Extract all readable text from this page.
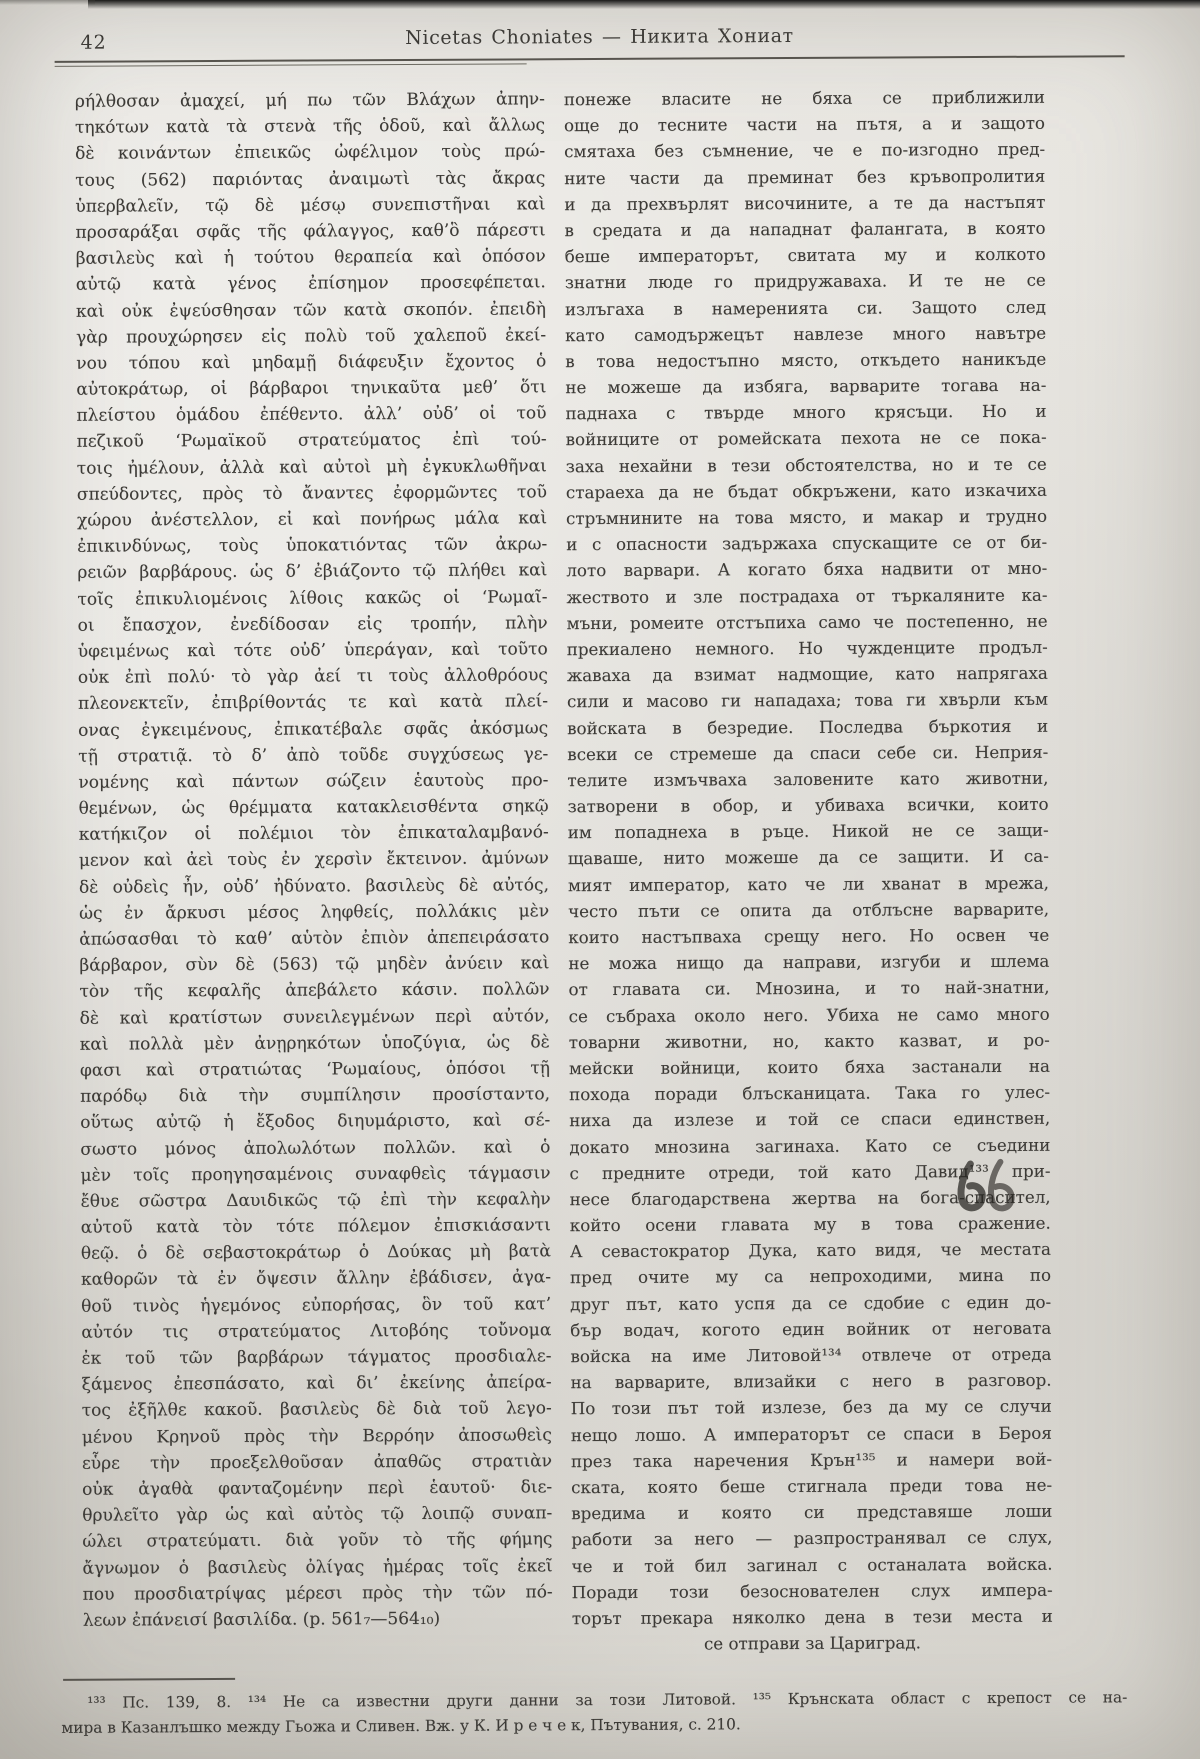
42	Nicetas Choniates — Никита Хониат
ρήλθοσαν ἀμαχεί, μή πω τῶν Βλάχων ἀπην-
τηκότων κατὰ τὰ στενὰ τῆς ὁδοῦ, καὶ ἄλλως
δὲ κοινάντων ἐπιεικῶς ὠφέλιμον τοὺς πρώ-
τους (562) παριόντας ἀναιμωτὶ τὰς ἄκρας
ὑπερβαλεῖν, τῷ δὲ μέσῳ συνεπιστῆναι καὶ
προσαράξαι σφᾶς τῆς φάλαγγος, καθ’ὃ πάρεστι
βασιλεὺς καὶ ἡ τούτου θεραπεία καὶ ὁπόσον
αὐτῷ κατὰ γένος ἐπίσημον προσεφέπεται.
καὶ οὐκ ἐψεύσθησαν τῶν κατὰ σκοπόν. ἐπειδὴ
γὰρ προυχώρησεν εἰς πολὺ τοῦ χαλεποῦ ἐκεί-
νου τόπου καὶ μηδαμῇ διάφευξιν ἔχοντος ὁ
αὐτοκράτωρ, οἱ βάρβαροι τηνικαῦτα μεθ’ ὅτι
πλείστου ὁμάδου ἐπέθεντο. ἀλλ’ οὐδ’ οἱ τοῦ
πεζικοῦ ‘Ρωμαϊκοῦ στρατεύματος ἐπὶ τού-
τοις ἠμέλουν, ἀλλὰ καὶ αὐτοὶ μὴ ἐγκυκλωθῆναι
σπεύδοντες, πρὸς τὸ ἄναντες ἐφορμῶντες τοῦ
χώρου ἀνέστελλον, εἰ καὶ πονήρως μάλα καὶ
ἐπικινδύνως, τοὺς ὑποκατιόντας τῶν ἀκρω-
ρειῶν βαρβάρους. ὡς δ’ ἐβιάζοντο τῷ πλήθει καὶ
τοῖς ἐπικυλιομένοις λίθοις κακῶς οἱ ‘Ρωμαῖ-
οι ἔπασχον, ἐνεδίδοσαν εἰς τροπήν, πλὴν
ὑφειμένως καὶ τότε οὐδ’ ὑπεράγαν, καὶ τοῦτο
οὐκ ἐπὶ πολύ· τὸ γὰρ ἀεί τι τοὺς ἀλλοθρόους
πλεονεκτεῖν, ἐπιβρίθοντάς τε καὶ κατὰ πλεί-
ονας ἐγκειμένους, ἐπικατέβαλε σφᾶς ἀκόσμως
τῇ στρατιᾷ. τὸ δ’ ἀπὸ τοῦδε συγχύσεως γε-
νομένης καὶ πάντων σώζειν ἑαυτοὺς προ-
θεμένων, ὡς θρέμματα κατακλεισθέντα σηκῷ
κατήκιζον οἱ πολέμιοι τὸν ἐπικαταλαμβανό-
μενον καὶ ἀεὶ τοὺς ἐν χερσὶν ἔκτεινον. ἀμύνων
δὲ οὐδεὶς ἦν, οὐδ’ ἠδύνατο. βασιλεὺς δὲ αὐτός,
ὡς ἐν ἄρκυσι μέσος ληφθείς, πολλάκις μὲν
ἀπώσασθαι τὸ καθ’ αὑτὸν ἐπιὸν ἀπεπειράσατο
βάρβαρον, σὺν δὲ (563) τῷ μηδὲν ἀνύειν καὶ
τὸν τῆς κεφαλῆς ἀπεβάλετο κάσιν. πολλῶν
δὲ καὶ κρατίστων συνειλεγμένων περὶ αὐτόν,
καὶ πολλὰ μὲν ἀνῃρηκότων ὑποζύγια, ὡς δὲ
φασι καὶ στρατιώτας ‘Ρωμαίους, ὁπόσοι τῇ
παρόδῳ διὰ τὴν συμπίλησιν προσίσταντο,
οὕτως αὐτῷ ἡ ἔξοδος διηυμάριστο, καὶ σέ-
σωστο μόνος ἀπολωλότων πολλῶν. καὶ ὁ
μὲν τοῖς προηγησαμένοις συναφθεὶς τάγμασιν
ἔθυε σῶστρα Δαυιδικῶς τῷ ἐπὶ τὴν κεφαλὴν
αὐτοῦ κατὰ τὸν τότε πόλεμον ἐπισκιάσαντι
θεῷ. ὁ δὲ σεβαστοκράτωρ ὁ Δούκας μὴ βατὰ
καθορῶν τὰ ἐν ὄψεσιν ἄλλην ἐβάδισεν, ἀγα-
θοῦ τινὸς ἡγεμόνος εὐπορήσας, ὃν τοῦ κατ’
αὐτόν τις στρατεύματος Λιτοβόης τοὔνομα
ἐκ τοῦ τῶν βαρβάρων τάγματος προσδιαλε-
ξάμενος ἐπεσπάσατο, καὶ δι’ ἐκείνης ἀπείρα-
τος ἐξῆλθε κακοῦ. βασιλεὺς δὲ διὰ τοῦ λεγο-
μένου Κρηνοῦ πρὸς τὴν Βερρόην ἀποσωθεὶς
εὗρε τὴν προεξελθοῦσαν ἀπαθῶς στρατιὰν
οὐκ ἀγαθὰ φανταζομένην περὶ ἑαυτοῦ· διε-
θρυλεῖτο γὰρ ὡς καὶ αὐτὸς τῷ λοιπῷ συναπ-
ώλει στρατεύματι. διὰ γοῦν τὸ τῆς φήμης
ἄγνωμον ὁ βασιλεὺς ὀλίγας ἡμέρας τοῖς ἐκεῖ
που προσδιατρίψας μέρεσι πρὸς τὴν τῶν πό-
λεων ἐπάνεισί βασιλίδα. (p. 561₇—564₁₀)
понеже власите не бяха се приближили
още до тесните части на пътя, а и защото
смятаха без съмнение, че е по-изгодно пред-
ните части да преминат без кръвопролития
и да прехвърлят височините, а те да настъпят
в средата и да нападнат фалангата, в която
беше императорът, свитата му и колкото
знатни люде го придружаваха. И те не се
излъгаха в намеренията си. Защото след
като самодържецът навлезе много навътре
в това недостъпно място, откъдето наникъде
не можеше да избяга, варварите тогава на-
паднаха с твърде много крясъци. Но и
войниците от ромейската пехота не се пока-
заха нехайни в тези обстоятелства, но и те се
стараеха да не бъдат обкръжени, като изкачиха
стръмнините на това място, и макар и трудно
и с опасности задържаха спускащите се от би-
лото варвари. А когато бяха надвити от мно-
жеството и зле пострадаха от търкаляните ка-
мъни, ромеите отстъпиха само че постепенно, не
прекиалено немного. Но чужденците продъл-
жаваха да взимат надмощие, като напрягаха
сили и масово ги нападаха; това ги хвърли към
войската в безредие. Последва бъркотия и
всеки се стремеше да спаси себе си. Неприя-
телите измъчваха заловените като животни,
затворени в обор, и убиваха всички, които
им попаднеха в ръце. Никой не се защи-
щаваше, нито можеше да се защити. И са-
мият император, като че ли хванат в мрежа,
често пъти се опита да отблъсне варварите,
които настъпваха срещу него. Но освен че
не можа нищо да направи, изгуби и шлема
от главата си. Мнозина, и то най-знатни,
се събраха около него. Убиха не само много
товарни животни, но, както казват, и ро-
мейски войници, които бяха застанали на
похода поради блъсканицата. Така го улес-
ниха да излезе и той се спаси единствен,
докато мнозина загинаха. Като се съедини
с предните отреди, той като Давид¹³³ при-
несе благодарствена жертва на бога-спасител,
който осени главата му в това сражение.
А севастократор Дука, като видя, че местата
пред очите му са непроходими, мина по
друг път, като успя да се сдобие с един до-
бър водач, когото един войник от неговата
войска на име Литовой¹³⁴ отвлече от отреда
на варварите, влизайки с него в разговор.
По този път той излезе, без да му се случи
нещо лошо. А императорът се спаси в Бероя
през така наречения Крън¹³⁵ и намери вой-
ската, която беше стигнала преди това не-
вредима и която си представяше лоши
работи за него — разпространявал се слух,
че и той бил загинал с останалата войска.
Поради този безоснователен слух импера-
торът прекара няколко дена в тези места и
се отправи за Цариград.
¹³³ Пс. 139, 8. ¹³⁴ Не са известни други данни за този Литовой. ¹³⁵ Крънската област с крепост се на-
мира в Казанлъшко между Гьожа и Сливен. Вж. у К. И р е ч е к, Пътувания, с. 210.
